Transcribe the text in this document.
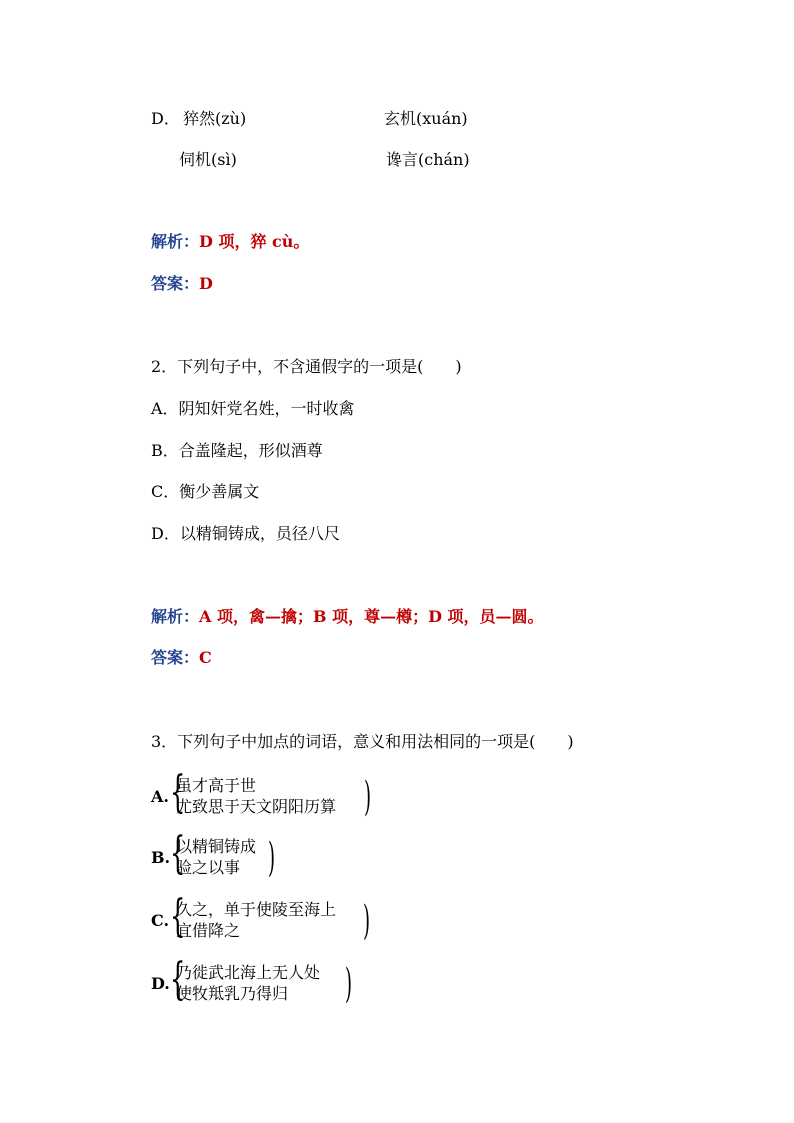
D． 猝然(zù)	玄机(xuán)
伺机(sì)	谗言(chán)
解析：D 项，猝 cù。
答案：D
2．下列句子中，不含通假字的一项是(　　)
A．阴知奸党名姓，一时收禽
B．合盖隆起，形似酒尊
C．衡少善属文
D．以精铜铸成，员径八尺
解析：A 项，禽—擒；B 项，尊—樽；D 项，员—圆。
答案：C
3．下列句子中加点的词语，意义和用法相同的一项是(　　)
A. {
虽才高于世
尤致思于天文阴阳历算 )
B. {
以精铜铸成
验之以事 )
C. {
久之，单于使陵至海上
宜借降之	)
D. {
乃徙武北海上无人处
使牧羝乳乃得归 )
